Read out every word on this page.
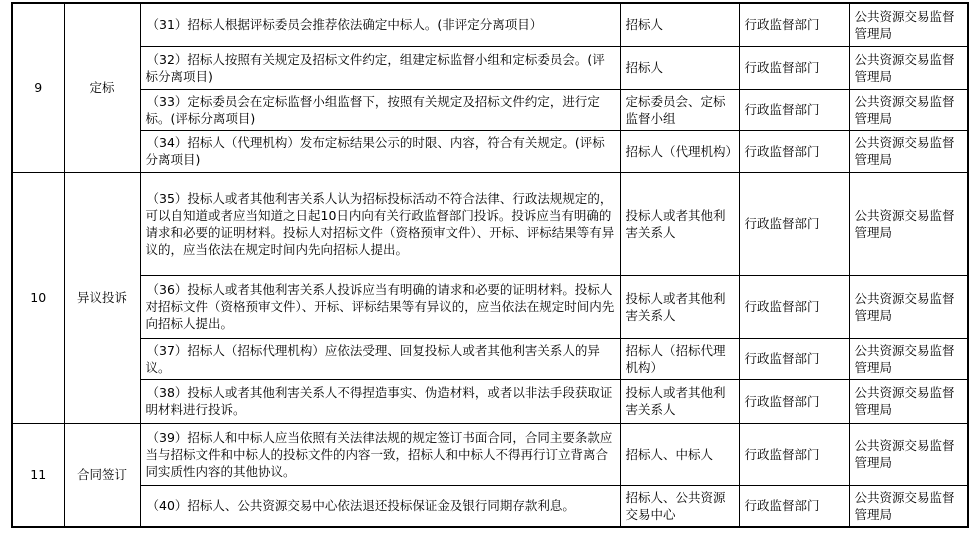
9	定标	（31）招标人根据评标委员会推荐依法确定中标人。(非评定分离项目）	招标人	行政监督部门	公共资源交易监督管理局
		（32）招标人按照有关规定及招标文件约定，组建定标监督小组和定标委员会。(评标分离项目)	招标人	行政监督部门	公共资源交易监督管理局
		（33）定标委员会在定标监督小组监督下，按照有关规定及招标文件约定，进行定标。(评标分离项目)	定标委员会、定标监督小组	行政监督部门	公共资源交易监督管理局
		（34）招标人（代理机构）发布定标结果公示的时限、内容，符合有关规定。(评标分离项目)	招标人（代理机构）	行政监督部门	公共资源交易监督管理局
10	异议投诉	（35）投标人或者其他利害关系人认为招标投标活动不符合法律、行政法规规定的，可以自知道或者应当知道之日起10日内向有关行政监督部门投诉。投诉应当有明确的请求和必要的证明材料。投标人对招标文件（资格预审文件）、开标、评标结果等有异议的，应当依法在规定时间内先向招标人提出。	投标人或者其他利害关系人	行政监督部门	公共资源交易监督管理局
		（36）投标人或者其他利害关系人投诉应当有明确的请求和必要的证明材料。投标人对招标文件（资格预审文件）、开标、评标结果等有异议的，应当依法在规定时间内先向招标人提出。	投标人或者其他利害关系人	行政监督部门	公共资源交易监督管理局
		（37）招标人（招标代理机构）应依法受理、回复投标人或者其他利害关系人的异议。	招标人（招标代理机构）	行政监督部门	公共资源交易监督管理局
		（38）投标人或者其他利害关系人不得捏造事实、伪造材料，或者以非法手段获取证明材料进行投诉。	投标人或者其他利害关系人	行政监督部门	公共资源交易监督管理局
11	合同签订	（39）招标人和中标人应当依照有关法律法规的规定签订书面合同，合同主要条款应当与招标文件和中标人的投标文件的内容一致，招标人和中标人不得再行订立背离合同实质性内容的其他协议。	招标人、中标人	行政监督部门	公共资源交易监督管理局
		（40）招标人、公共资源交易中心依法退还投标保证金及银行同期存款利息。	招标人、公共资源交易中心	行政监督部门	公共资源交易监督管理局
